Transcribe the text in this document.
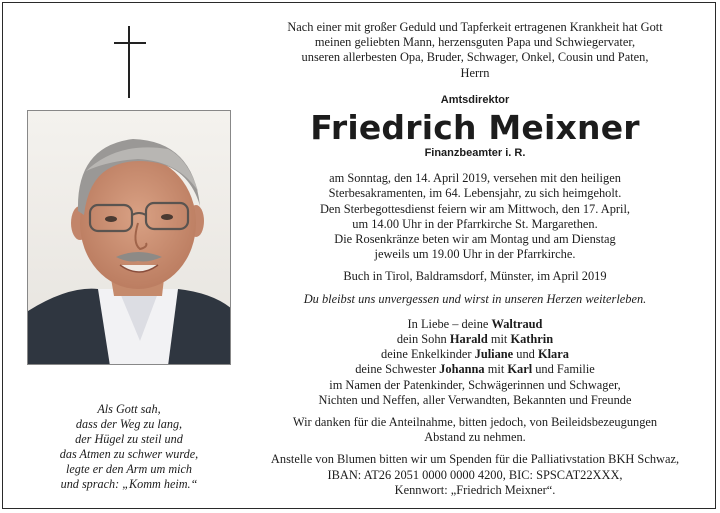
Als Gott sah,
dass der Weg zu lang,
der Hügel zu steil und
das Atmen zu schwer wurde,
legte er den Arm um mich
und sprach: „Komm heim.“
Nach einer mit großer Geduld und Tapferkeit ertragenen Krankheit hat Gott
meinen geliebten Mann, herzensguten Papa und Schwiegervater,
unseren allerbesten Opa, Bruder, Schwager, Onkel, Cousin und Paten,
Herrn
Amtsdirektor
Friedrich Meixner
Finanzbeamter i. R.
am Sonntag, den 14. April 2019, versehen mit den heiligen
Sterbesakramenten, im 64. Lebensjahr, zu sich heimgeholt.
Den Sterbegottesdienst feiern wir am Mittwoch, den 17. April,
um 14.00 Uhr in der Pfarrkirche St. Margarethen.
Die Rosenkränze beten wir am Montag und am Dienstag
jeweils um 19.00 Uhr in der Pfarrkirche.
Buch in Tirol, Baldramsdorf, Münster, im April 2019
Du bleibst uns unvergessen und wirst in unseren Herzen weiterleben.
In Liebe – deine Waltraud
dein Sohn Harald mit Kathrin
deine Enkelkinder Juliane und Klara
deine Schwester Johanna mit Karl und Familie
im Namen der Patenkinder, Schwägerinnen und Schwager,
Nichten und Neffen, aller Verwandten, Bekannten und Freunde
Wir danken für die Anteilnahme, bitten jedoch, von Beileidsbezeugungen
Abstand zu nehmen.
Anstelle von Blumen bitten wir um Spenden für die Palliativstation BKH Schwaz,
IBAN: AT26 2051 0000 0000 4200, BIC: SPSCAT22XXX,
Kennwort: „Friedrich Meixner“.
